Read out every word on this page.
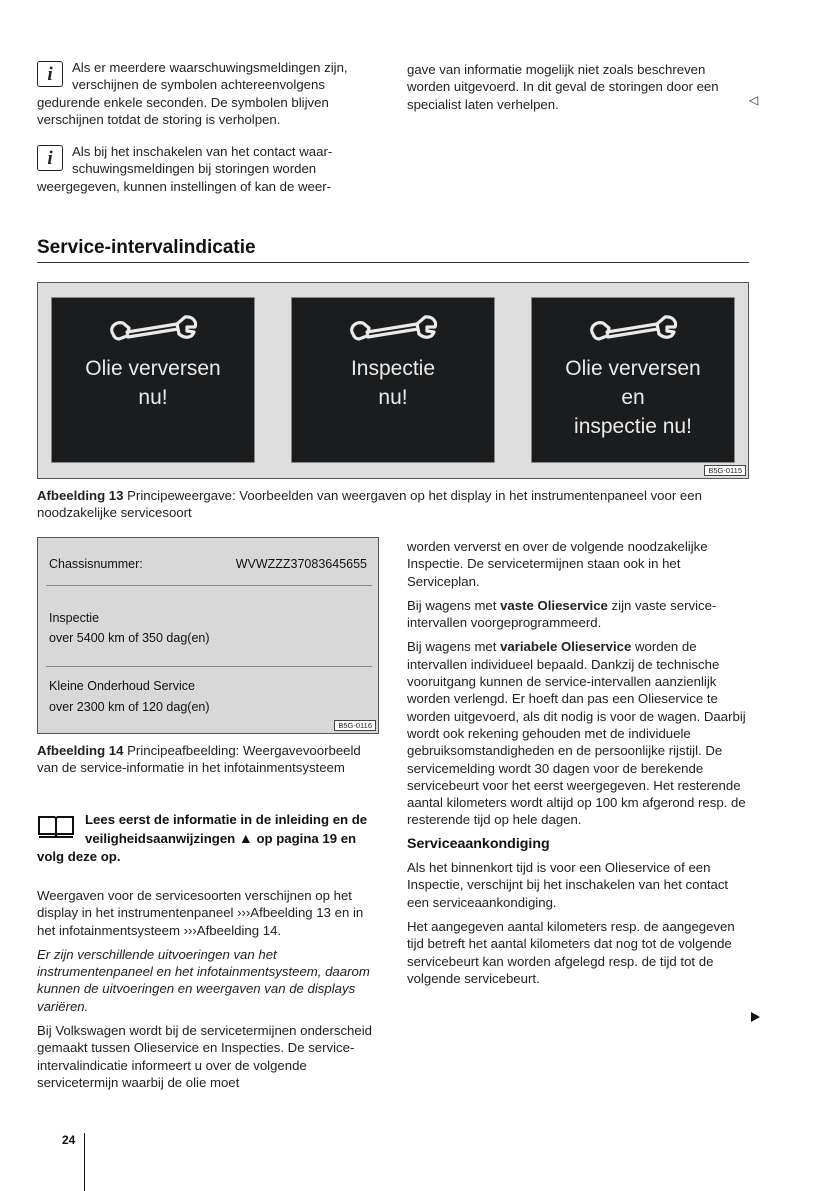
i	Als er meerdere waarschuwingsmeldingen zijn, verschijnen de symbolen achtereenvolgens gedurende enkele seconden. De symbolen blijven verschijnen totdat de storing is verholpen.
i	Als bij het inschakelen van het contact waar- schuwingsmeldingen bij storingen worden weergegeven, kunnen instellingen of kan de weer-
gave van informatie mogelijk niet zoals beschreven worden uitgevoerd. In dit geval de storingen door een specialist laten verhelpen.	◁
Service-intervalindicatie
Olie verversen
nu!
Inspectie
nu!
Olie verversen
en
inspectie nu!
B5G-0115
Afbeelding 13 Principeweergave: Voorbeelden van weergaven op het display in het instrumentenpaneel voor een noodzakelijke servicesoort
Chassisnummer:	WVWZZZ37083645655
Inspectie
over 5400 km of 350 dag(en)
Kleine Onderhoud Service
over 2300 km of 120 dag(en)
B5G-0116
Afbeelding 14 Principeafbeelding: Weergavevoorbeeld van de service-informatie in het infotainmentsysteem
Lees eerst de informatie in de inleiding en de veiligheidsaanwijzingen ▲ op pagina 19 en volg deze op.

Weergaven voor de servicesoorten verschijnen op het display in het instrumentenpaneel ›››Afbeelding 13 en in het infotainmentsysteem ›››Afbeelding 14.

Er zijn verschillende uitvoeringen van het instrumentenpaneel en het infotainmentsysteem, daarom kunnen de uitvoeringen en weergaven van de displays variëren.

Bij Volkswagen wordt bij de servicetermijnen onderscheid gemaakt tussen Olieservice en Inspecties. De service-intervalindicatie informeert u over de volgende servicetermijn waarbij de olie moet

worden ververst en over de volgende noodzakelijke Inspectie. De servicetermijnen staan ook in het Serviceplan.

Bij wagens met vaste Olieservice zijn vaste service-intervallen voorgeprogrammeerd.

Bij wagens met variabele Olieservice worden de intervallen individueel bepaald. Dankzij de technische vooruitgang kunnen de service-intervallen aanzienlijk worden verlengd. Er hoeft dan pas een Olieservice te worden uitgevoerd, als dit nodig is voor de wagen. Daarbij wordt ook rekening gehouden met de individuele gebruiksomstandigheden en de persoonlijke rijstijl. De servicemelding wordt 30 dagen voor de berekende servicebeurt voor het eerst weergegeven. Het resterende aantal kilometers wordt altijd op 100 km afgerond resp. de resterende tijd op hele dagen.

Serviceaankondiging

Als het binnenkort tijd is voor een Olieservice of een Inspectie, verschijnt bij het inschakelen van het contact een serviceaankondiging.

Het aangegeven aantal kilometers resp. de aangegeven tijd betreft het aantal kilometers dat nog tot de volgende servicebeurt kan worden afgelegd resp. de tijd tot de volgende servicebeurt.

24
